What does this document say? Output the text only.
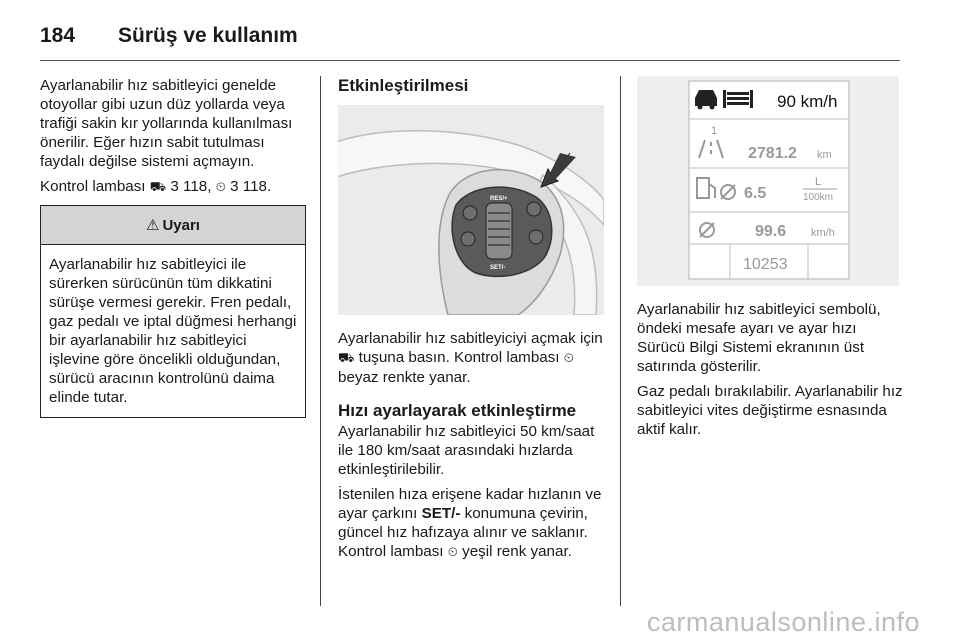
184 Sürüş ve kullanım

Ayarlanabilir hız sabitleyici genelde otoyollar gibi uzun düz yollarda veya trafiği sakin kır yollarında kullanılması önerilir. Eğer hızın sabit tutulması faydalı değilse sistemi açmayın.

Kontrol lambası ⛟ 3 118, ⏲ 3 118.

⚠ Uyarı
Ayarlanabilir hız sabitleyici ile sürerken sürücünün tüm dikkatini sürüşe vermesi gerekir. Fren pedalı, gaz pedalı ve iptal düğmesi herhangi bir ayarlanabilir hız sabitleyici işlevine göre öncelikli olduğundan, sürücü aracının kontrolünü daima elinde tutar.
Etkinleştirilmesi
RES/+
SET/-

Ayarlanabilir hız sabitleyiciyi açmak için ⛟ tuşuna basın. Kontrol lambası ⏲ beyaz renkte yanar.

Hızı ayarlayarak etkinleştirme

Ayarlanabilir hız sabitleyici 50 km/saat ile 180 km/saat arasındaki hızlarda etkinleştirilebilir.

İstenilen hıza erişene kadar hızlanın ve ayar çarkını SET/- konumuna çevirin, güncel hız hafızaya alınır ve saklanır. Kontrol lambası ⏲ yeşil renk yanar.

90 km/h
1
2781.2 km
6.5
L
100km
99.6 km/h
10253

Ayarlanabilir hız sabitleyici sembolü, öndeki mesafe ayarı ve ayar hızı Sürücü Bilgi Sistemi ekranının üst satırında gösterilir.

Gaz pedalı bırakılabilir. Ayarlanabilir hız sabitleyici vites değiştirme esnasında aktif kalır.

carmanualsonline.info
